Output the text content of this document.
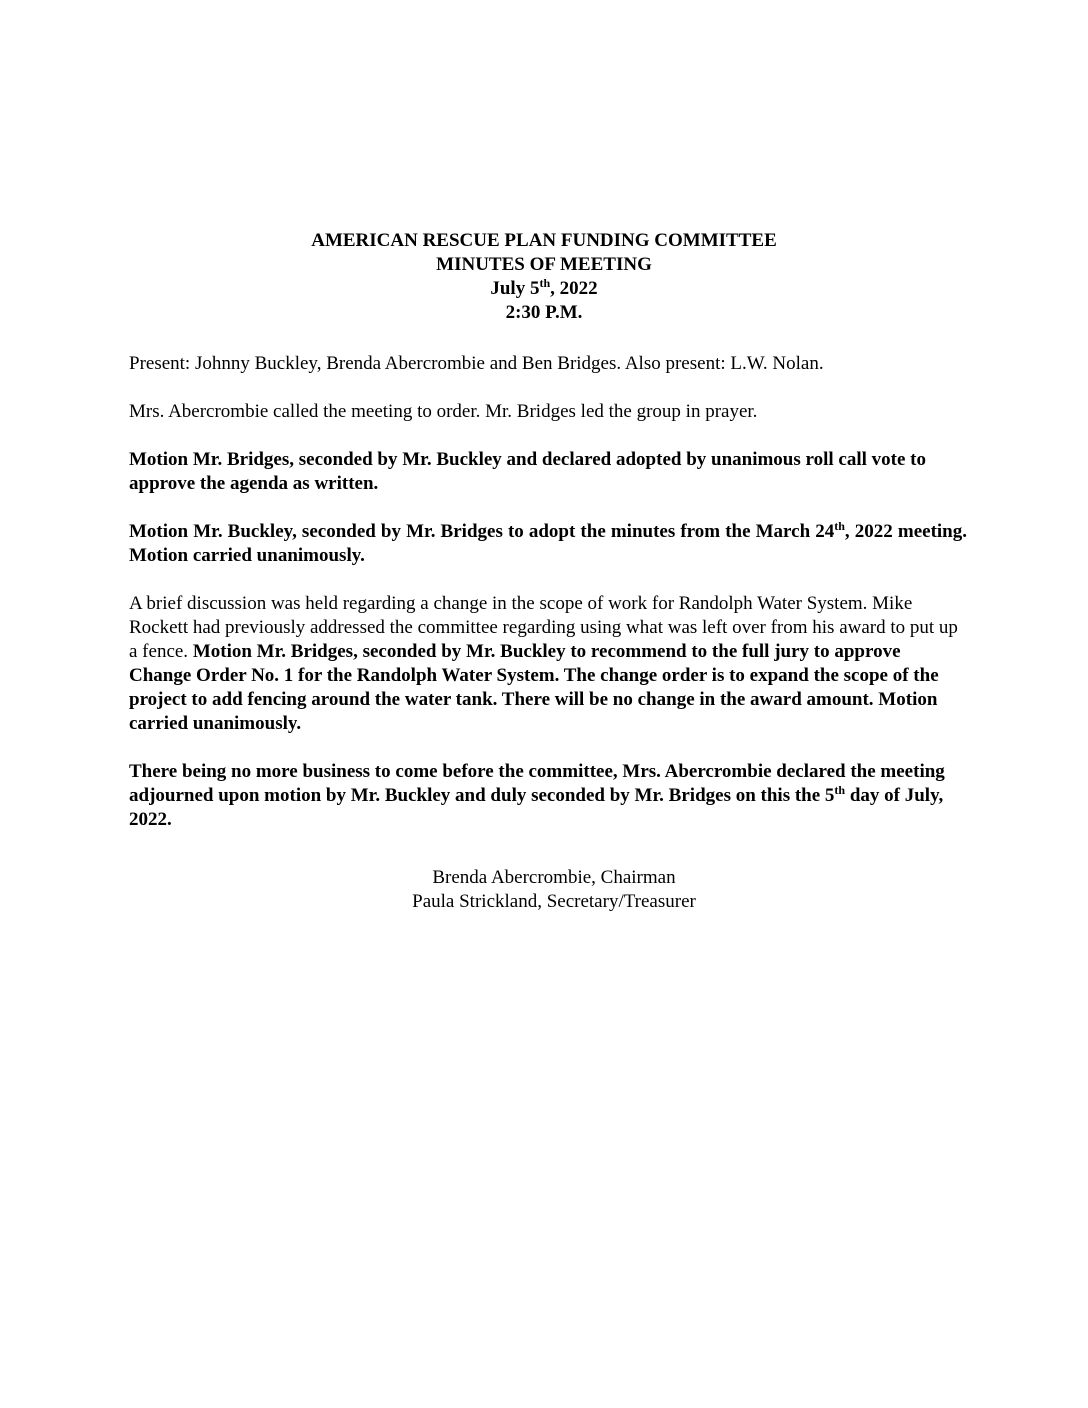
AMERICAN RESCUE PLAN FUNDING COMMITTEE
MINUTES OF MEETING
July 5th, 2022
2:30 P.M.

Present: Johnny Buckley, Brenda Abercrombie and Ben Bridges. Also present: L.W. Nolan.

Mrs. Abercrombie called the meeting to order. Mr. Bridges led the group in prayer.

Motion Mr. Bridges, seconded by Mr. Buckley and declared adopted by unanimous roll call vote to approve the agenda as written.

Motion Mr. Buckley, seconded by Mr. Bridges to adopt the minutes from the March 24th, 2022 meeting. Motion carried unanimously.

A brief discussion was held regarding a change in the scope of work for Randolph Water System. Mike Rockett had previously addressed the committee regarding using what was left over from his award to put up a fence. Motion Mr. Bridges, seconded by Mr. Buckley to recommend to the full jury to approve Change Order No. 1 for the Randolph Water System. The change order is to expand the scope of the project to add fencing around the water tank. There will be no change in the award amount. Motion carried unanimously.

There being no more business to come before the committee, Mrs. Abercrombie declared the meeting adjourned upon motion by Mr. Buckley and duly seconded by Mr. Bridges on this the 5th day of July, 2022.

Brenda Abercrombie, Chairman
Paula Strickland, Secretary/Treasurer
